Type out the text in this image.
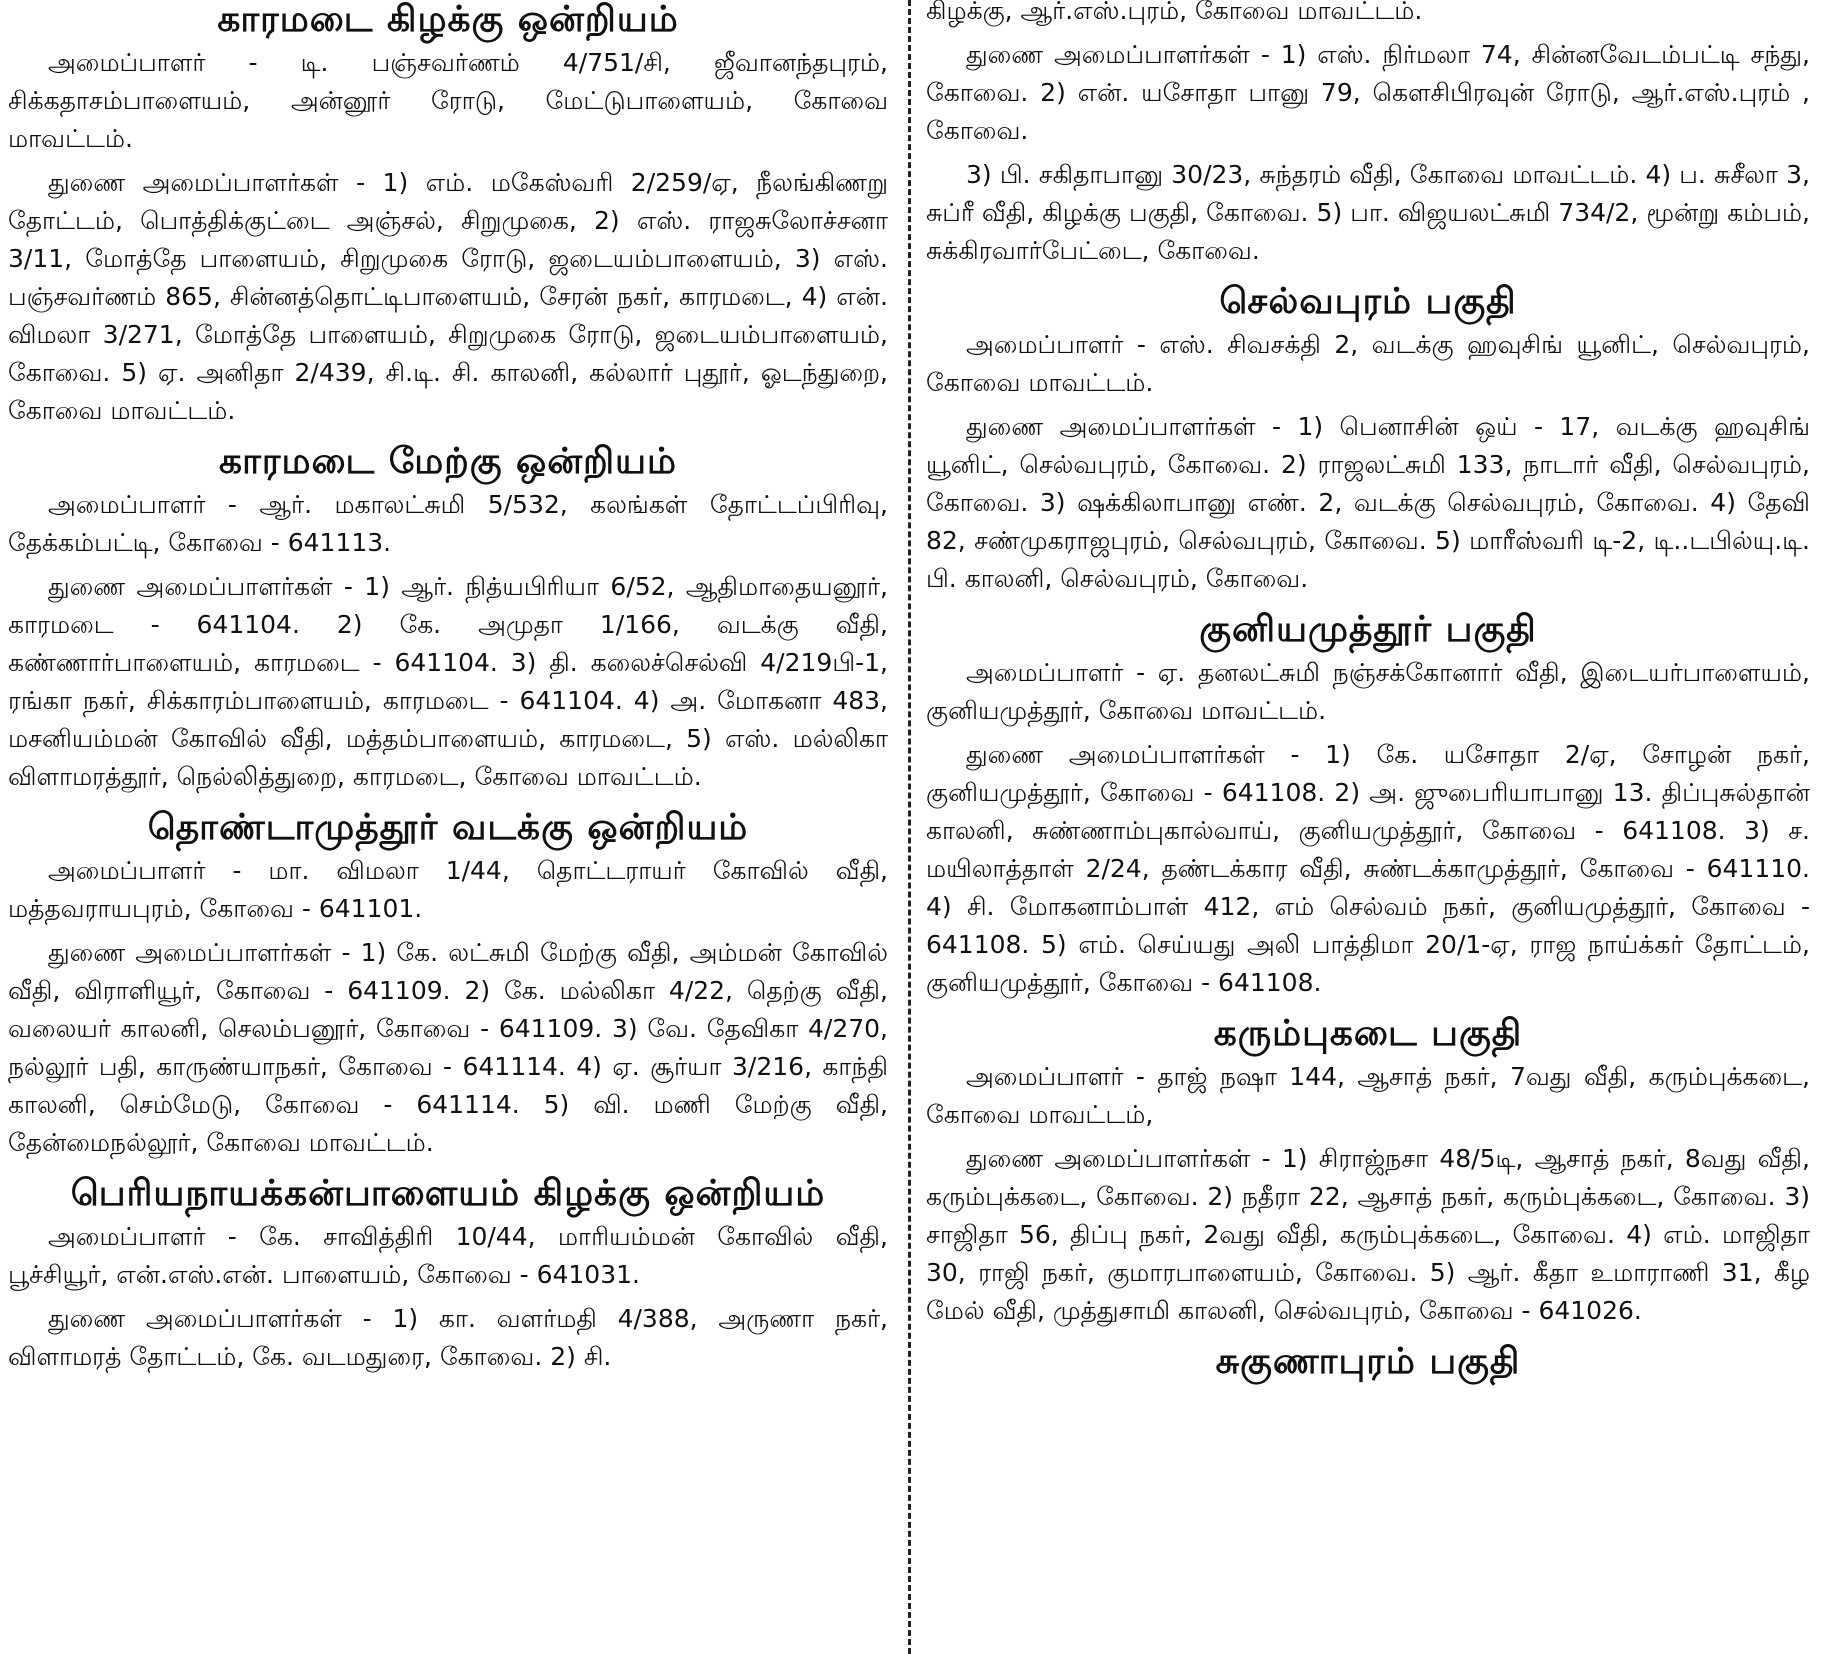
காரமடை கிழக்கு ஒன்றியம்

அமைப்பாளர் - டி. பஞ்சவர்ணம் 4/751/சி, ஜீவானந்தபுரம், சிக்கதாசம்பாளையம், அன்னூர் ரோடு, மேட்டுபாளையம், கோவை மாவட்டம்.

துணை அமைப்பாளர்கள் - 1) எம். மகேஸ்வரி 2/259/ஏ, நீலங்கிணறு தோட்டம், பொத்திக்குட்டை அஞ்சல், சிறுமுகை, 2) எஸ். ராஜசுலோச்சனா 3/11, மோத்தே பாளையம், சிறுமுகை ரோடு, ஜடையம்பாளையம், 3) எஸ். பஞ்சவர்ணம் 865, சின்னத்தொட்டிபாளையம், சேரன் நகர், காரமடை, 4) என். விமலா 3/271, மோத்தே பாளையம், சிறுமுகை ரோடு, ஜடையம்பாளையம், கோவை. 5) ஏ. அனிதா 2/439, சி.டி. சி. காலனி, கல்லார் புதூர், ஓடந்துறை, கோவை மாவட்டம்.

காரமடை மேற்கு ஒன்றியம்

அமைப்பாளர் - ஆர். மகாலட்சுமி 5/532, கலங்கள் தோட்டப்பிரிவு, தேக்கம்பட்டி, கோவை - 641113.

துணை அமைப்பாளர்கள் - 1) ஆர். நித்யபிரியா 6/52, ஆதிமாதையனூர், காரமடை - 641104. 2) கே. அமுதா 1/166, வடக்கு வீதி, கண்ணார்பாளையம், காரமடை - 641104. 3) தி. கலைச்செல்வி 4/219பி-1, ரங்கா நகர், சிக்காரம்பாளையம், காரமடை - 641104. 4) அ. மோகனா 483, மசனியம்மன் கோவில் வீதி, மத்தம்பாளையம், காரமடை, 5) எஸ். மல்லிகா விளாமரத்தூர், நெல்லித்துறை, காரமடை, கோவை மாவட்டம்.

தொண்டாமுத்தூர் வடக்கு ஒன்றியம்

அமைப்பாளர் - மா. விமலா 1/44, தொட்டராயர் கோவில் வீதி, மத்தவராயபுரம், கோவை - 641101.

துணை அமைப்பாளர்கள் - 1) கே. லட்சுமி மேற்கு வீதி, அம்மன் கோவில் வீதி, விராளியூர், கோவை - 641109. 2) கே. மல்லிகா 4/22, தெற்கு வீதி, வலையர் காலனி, செலம்பனூர், கோவை - 641109. 3) வே. தேவிகா 4/270, நல்லூர் பதி, காருண்யாநகர், கோவை - 641114. 4) ஏ. சூர்யா 3/216, காந்தி காலனி, செம்மேடு, கோவை - 641114. 5) வி. மணி மேற்கு வீதி, தேன்மைநல்லூர், கோவை மாவட்டம்.

பெரியநாயக்கன்பாளையம் கிழக்கு ஒன்றியம்

அமைப்பாளர் - கே. சாவித்திரி 10/44, மாரியம்மன் கோவில் வீதி, பூச்சியூர், என்.எஸ்.என். பாளையம், கோவை - 641031.

துணை அமைப்பாளர்கள் - 1) கா. வளர்மதி 4/388, அருணா நகர், விளாமரத் தோட்டம், கே. வடமதுரை, கோவை. 2) சி.

கிழக்கு, ஆர்.எஸ்.புரம், கோவை மாவட்டம்.

துணை அமைப்பாளர்கள் - 1) எஸ். நிர்மலா 74, சின்னவேடம்பட்டி சந்து, கோவை. 2) என். யசோதா பானு 79, கௌசிபிரவுன் ரோடு, ஆர்.எஸ்.புரம் , கோவை.

3) பி. சகிதாபானு 30/23, சுந்தரம் வீதி, கோவை மாவட்டம். 4) ப. சுசீலா 3, சுப்ரீ வீதி, கிழக்கு பகுதி, கோவை. 5) பா. விஜயலட்சுமி 734/2, மூன்று கம்பம், சுக்கிரவார்பேட்டை, கோவை.

செல்வபுரம் பகுதி

அமைப்பாளர் - எஸ். சிவசக்தி 2, வடக்கு ஹவுசிங் யூனிட், செல்வபுரம், கோவை மாவட்டம்.

துணை அமைப்பாளர்கள் - 1) பெனாசின் ஒய் - 17, வடக்கு ஹவுசிங் யூனிட், செல்வபுரம், கோவை. 2) ராஜலட்சுமி 133, நாடார் வீதி, செல்வபுரம், கோவை. 3) ஷக்கிலாபானு எண். 2, வடக்கு செல்வபுரம், கோவை. 4) தேவி 82, சண்முகராஜபுரம், செல்வபுரம், கோவை. 5) மாரீஸ்வரி டி-2, டி..டபில்யு.டி. பி. காலனி, செல்வபுரம், கோவை.

குனியமுத்தூர் பகுதி

அமைப்பாளர் - ஏ. தனலட்சுமி நஞ்சக்கோனார் வீதி, இடையர்பாளையம், குனியமுத்தூர், கோவை மாவட்டம்.

துணை அமைப்பாளர்கள் - 1) கே. யசோதா 2/ஏ, சோழன் நகர், குனியமுத்தூர், கோவை - 641108. 2) அ. ஜுபைரியாபானு 13. திப்புசுல்தான் காலனி, சுண்ணாம்புகால்வாய், குனியமுத்தூர், கோவை - 641108. 3) ச. மயிலாத்தாள் 2/24, தண்டக்கார வீதி, சுண்டக்காமுத்தூர், கோவை - 641110. 4) சி. மோகனாம்பாள் 412, எம் செல்வம் நகர், குனியமுத்தூர், கோவை - 641108. 5) எம். செய்யது அலி பாத்திமா 20/1-ஏ, ராஜ நாய்க்கர் தோட்டம், குனியமுத்தூர், கோவை - 641108.

கரும்புகடை பகுதி

அமைப்பாளர் - தாஜ் நஷா 144, ஆசாத் நகர், 7வது வீதி, கரும்புக்கடை, கோவை மாவட்டம்,

துணை அமைப்பாளர்கள் - 1) சிராஜ்நசா 48/5டி, ஆசாத் நகர், 8வது வீதி, கரும்புக்கடை, கோவை. 2) நதீரா 22, ஆசாத் நகர், கரும்புக்கடை, கோவை. 3) சாஜிதா 56, திப்பு நகர், 2வது வீதி, கரும்புக்கடை, கோவை. 4) எம். மாஜிதா 30, ராஜி நகர், குமாரபாளையம், கோவை. 5) ஆர். கீதா உமாராணி 31, கீழ மேல் வீதி, முத்துசாமி காலனி, செல்வபுரம், கோவை - 641026.

சுகுணாபுரம் பகுதி
